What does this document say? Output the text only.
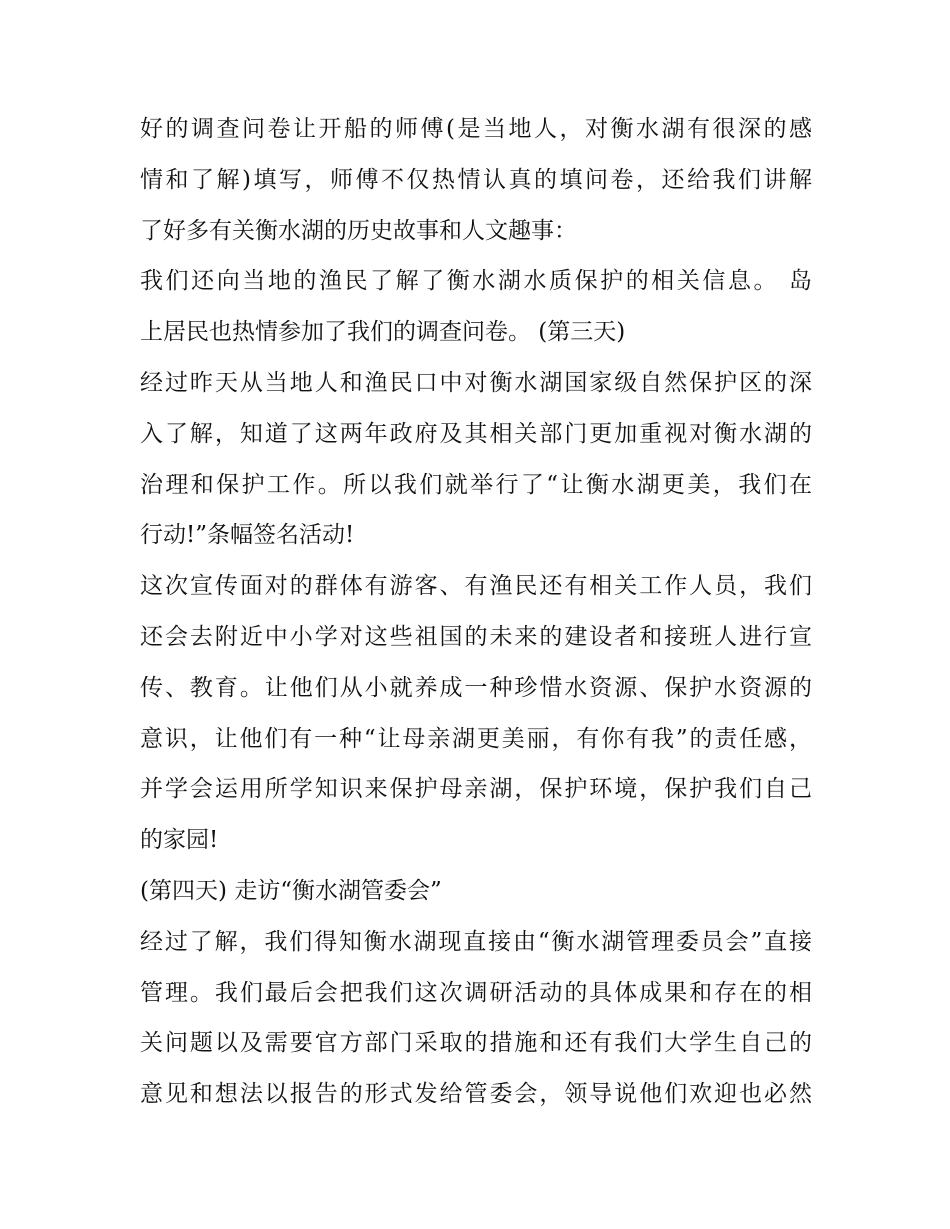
好的调查问卷让开船的师傅(是当地人，对衡水湖有很深的感
情和了解)填写，师傅不仅热情认真的填问卷，还给我们讲解
了好多有关衡水湖的历史故事和人文趣事：

我们还向当地的渔民了解了衡水湖水质保护的相关信息。 岛
上居民也热情参加了我们的调查问卷。 (第三天)

经过昨天从当地人和渔民口中对衡水湖国家级自然保护区的深
入了解，知道了这两年政府及其相关部门更加重视对衡水湖的
治理和保护工作。所以我们就举行了“让衡水湖更美，我们在
行动!”条幅签名活动!

这次宣传面对的群体有游客、有渔民还有相关工作人员，我们
还会去附近中小学对这些祖国的未来的建设者和接班人进行宣
传、教育。让他们从小就养成一种珍惜水资源、保护水资源的
意识，让他们有一种“让母亲湖更美丽，有你有我”的责任感，
并学会运用所学知识来保护母亲湖，保护环境，保护我们自己
的家园!

(第四天) 走访“衡水湖管委会”

经过了解，我们得知衡水湖现直接由“衡水湖管理委员会”直接
管理。我们最后会把我们这次调研活动的具体成果和存在的相
关问题以及需要官方部门采取的措施和还有我们大学生自己的
意见和想法以报告的形式发给管委会，领导说他们欢迎也必然
